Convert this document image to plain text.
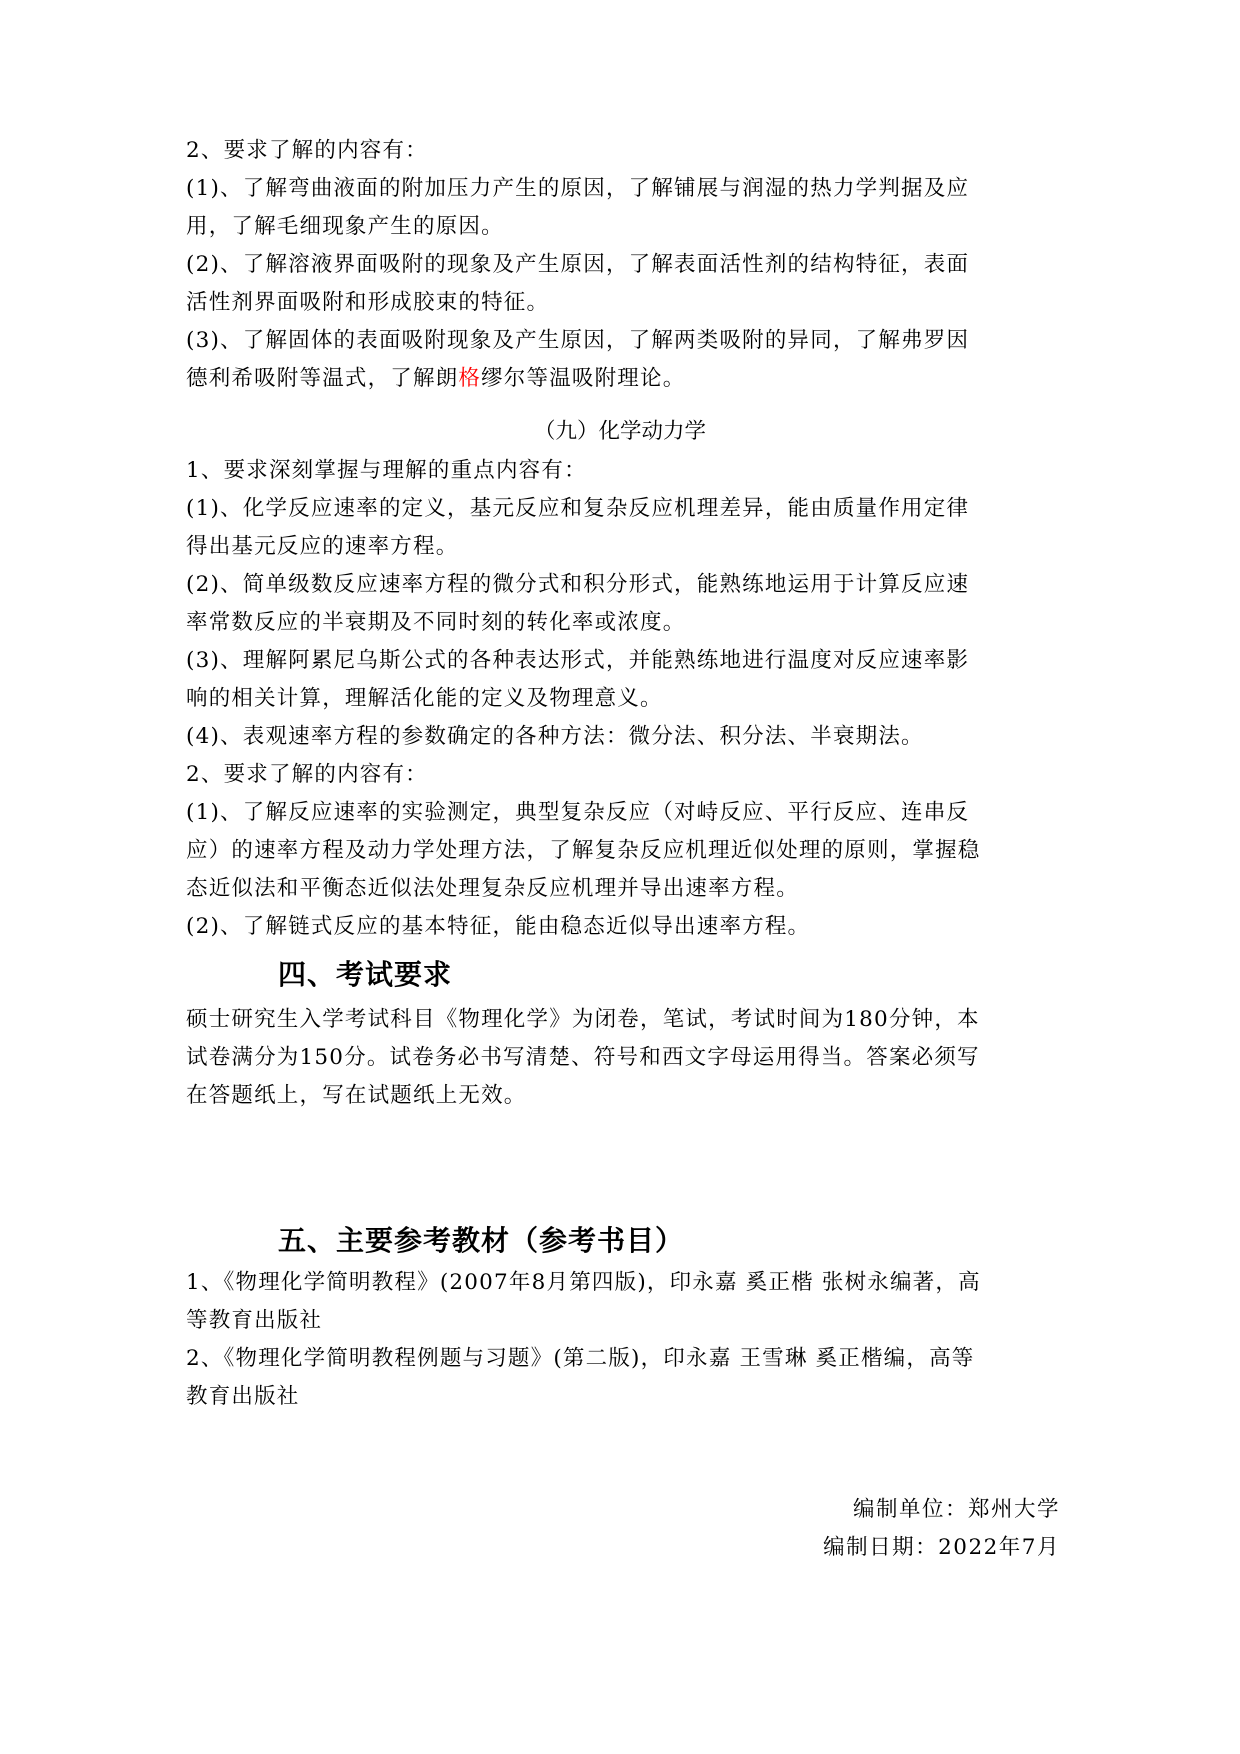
2、要求了解的内容有：
(1)、了解弯曲液面的附加压力产生的原因，了解铺展与润湿的热力学判据及应
用，了解毛细现象产生的原因。
(2)、了解溶液界面吸附的现象及产生原因，了解表面活性剂的结构特征，表面
活性剂界面吸附和形成胶束的特征。
(3)、了解固体的表面吸附现象及产生原因，了解两类吸附的异同，了解弗罗因
德利希吸附等温式，了解朗格缪尔等温吸附理论。
（九）化学动力学
1、要求深刻掌握与理解的重点内容有：
(1)、化学反应速率的定义，基元反应和复杂反应机理差异，能由质量作用定律
得出基元反应的速率方程。
(2)、简单级数反应速率方程的微分式和积分形式，能熟练地运用于计算反应速
率常数反应的半衰期及不同时刻的转化率或浓度。
(3)、理解阿累尼乌斯公式的各种表达形式，并能熟练地进行温度对反应速率影
响的相关计算，理解活化能的定义及物理意义。
(4)、表观速率方程的参数确定的各种方法：微分法、积分法、半衰期法。
2、要求了解的内容有：
(1)、了解反应速率的实验测定，典型复杂反应（对峙反应、平行反应、连串反
应）的速率方程及动力学处理方法，了解复杂反应机理近似处理的原则，掌握稳
态近似法和平衡态近似法处理复杂反应机理并导出速率方程。
(2)、了解链式反应的基本特征，能由稳态近似导出速率方程。
四、考试要求
硕士研究生入学考试科目《物理化学》为闭卷，笔试，考试时间为180分钟，本
试卷满分为150分。试卷务必书写清楚、符号和西文字母运用得当。答案必须写
在答题纸上，写在试题纸上无效。
五、主要参考教材（参考书目）
1、《物理化学简明教程》(2007年8月第四版)，印永嘉 奚正楷 张树永编著，高
等教育出版社
2、《物理化学简明教程例题与习题》(第二版)，印永嘉 王雪琳 奚正楷编，高等
教育出版社
编制单位：郑州大学
编制日期：2022年7月
